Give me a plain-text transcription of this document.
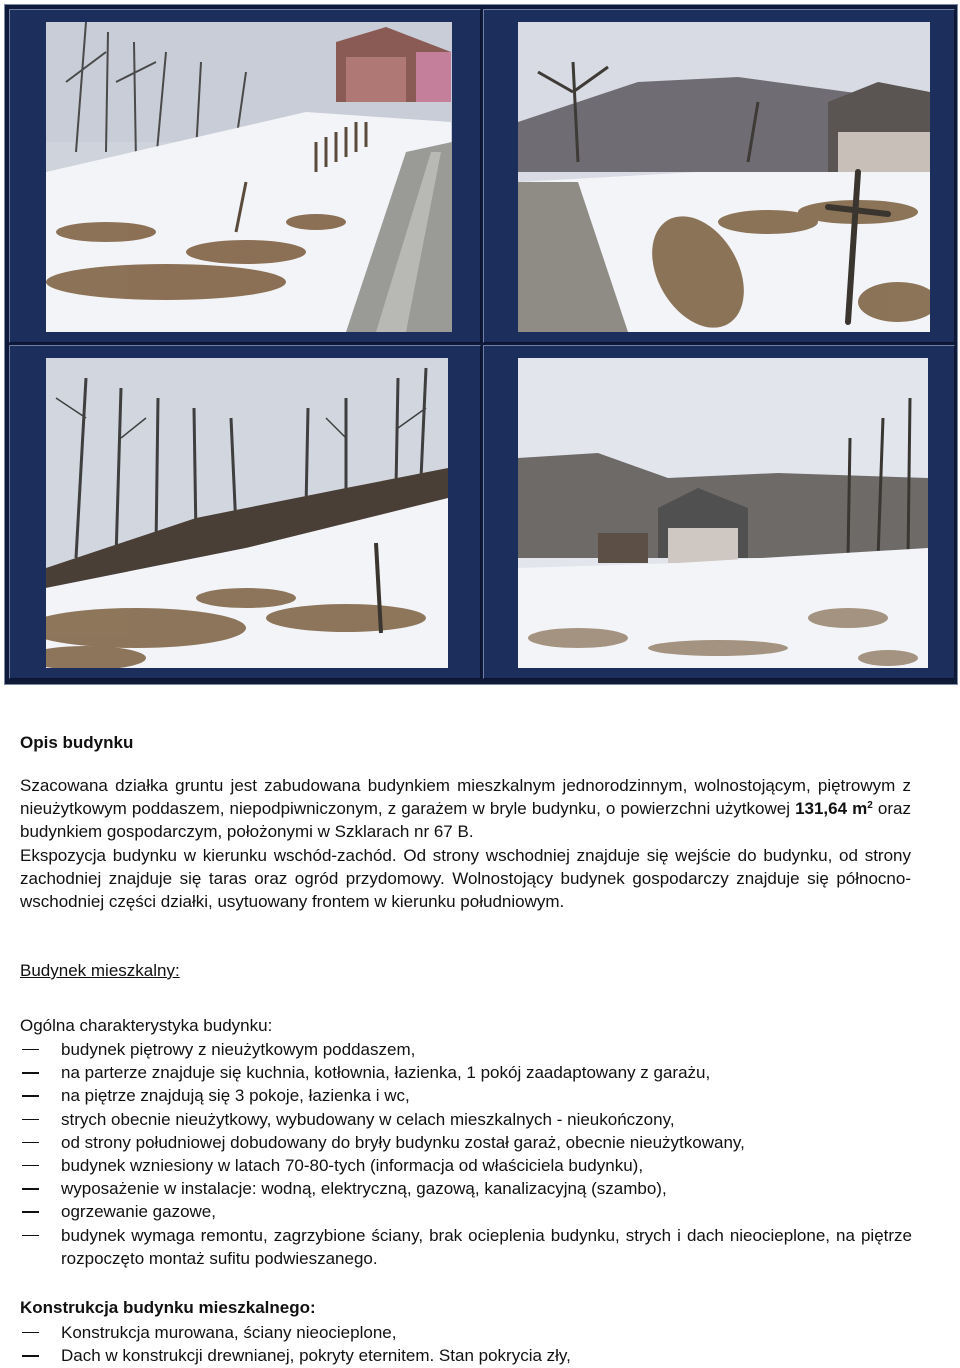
Opis budynku

Szacowana działka gruntu jest zabudowana budynkiem mieszkalnym jednorodzinnym, wolnostojącym, piętrowym z nieużytkowym poddaszem, niepodpiwniczonym, z garażem w bryle budynku, o powierzchni użytkowej 131,64 $m^2$ oraz budynkiem gospodarczym, położonymi w Szklarach nr 67 B.

Ekspozycja budynku w kierunku wschód-zachód. Od strony wschodniej znajduje się wejście do budynku, od strony zachodniej znajduje się taras oraz ogród przydomowy. Wolnostojący budynek gospodarczy znajduje się północno-wschodniej części działki, usytuowany frontem w kierunku południowym.

Budynek mieszkalny:

Ogólna charakterystyka budynku:

budynek piętrowy z nieużytkowym poddaszem,
na parterze znajduje się kuchnia, kotłownia, łazienka, 1 pokój zaadaptowany z garażu,
na piętrze znajdują się 3 pokoje, łazienka i wc,
strych obecnie nieużytkowy, wybudowany w celach mieszkalnych - nieukończony,
od strony południowej dobudowany do bryły budynku został garaż, obecnie nieużytkowany,
budynek wzniesiony w latach 70-80-tych (informacja od właściciela budynku),
wyposażenie w instalacje: wodną, elektryczną, gazową, kanalizacyjną (szambo),
ogrzewanie gazowe,
budynek wymaga remontu, zagrzybione ściany, brak ocieplenia budynku, strych i dach nieocieplone, na piętrze rozpoczęto montaż sufitu podwieszanego.

Konstrukcja budynku mieszkalnego:

Konstrukcja murowana, ściany nieocieplone,
Dach w konstrukcji drewnianej, pokryty eternitem. Stan pokrycia zły,
